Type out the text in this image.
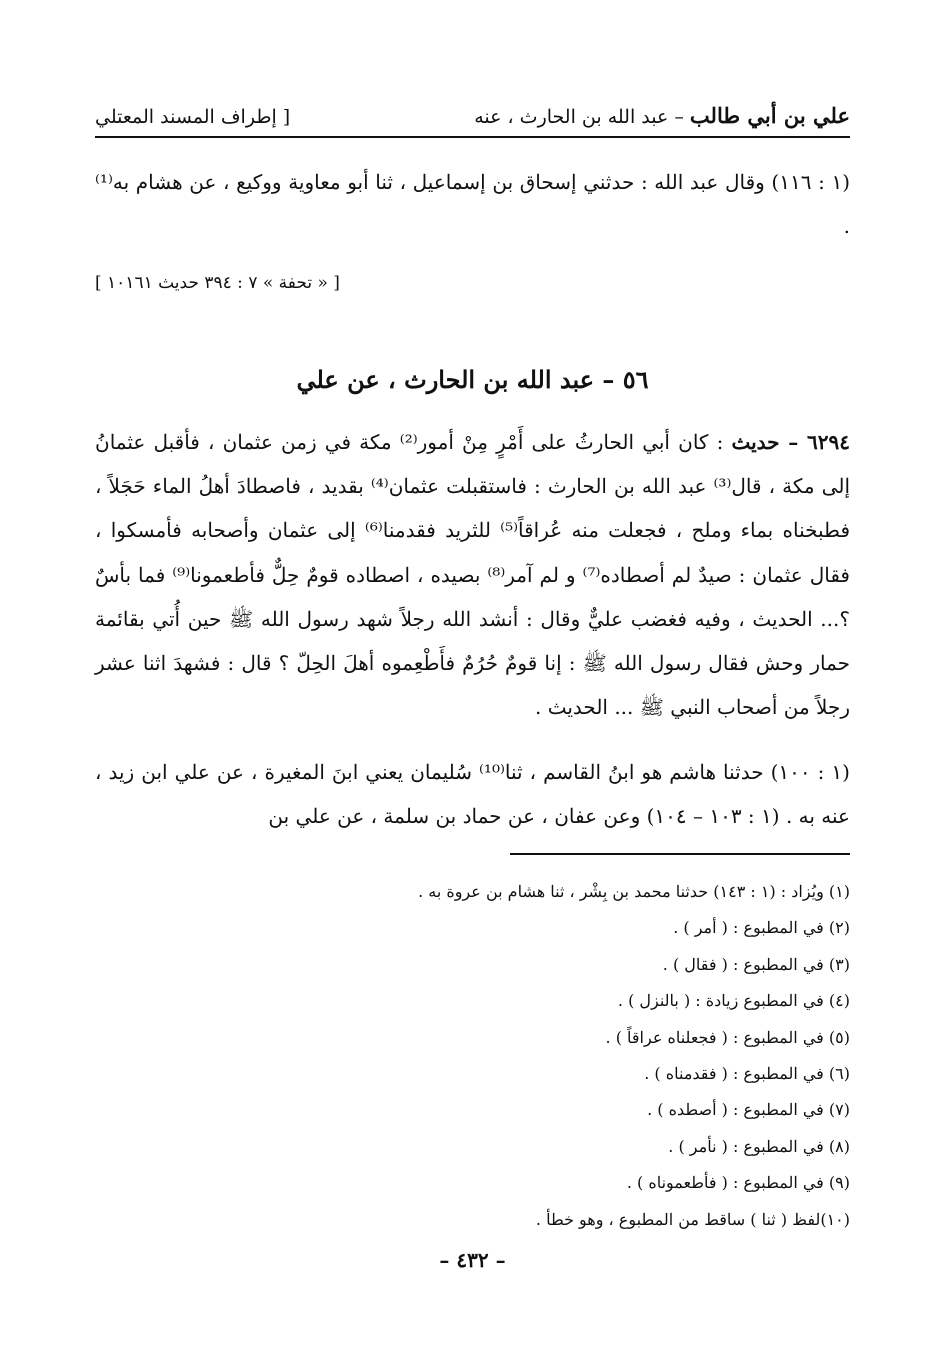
علي بن أبي طالب – عبد الله بن الحارث ، عنه
[ إطراف المسند المعتلي

(١ : ١١٦) وقال عبد الله : حدثني إسحاق بن إسماعيل ، ثنا أبو معاوية ووكيع ، عن هشام به⁽¹⁾ .

[ « تحفة » ٧ : ٣٩٤ حديث ١٠١٦١ ]
٥٦ – عبد الله بن الحارث ، عن علي

٦٢٩٤ – حديث : كان أبي الحارثُ على أَمْرٍ مِنْ أمور⁽²⁾ مكة في زمن عثمان ، فأقبل عثمانُ إلى مكة ، قال⁽³⁾ عبد الله بن الحارث : فاستقبلت عثمان⁽⁴⁾ بقديد ، فاصطادَ أهلُ الماء حَجَلاً ، فطبخناه بماء وملح ، فجعلت منه عُراقاً⁽⁵⁾ للثريد فقدمنا⁽⁶⁾ إلى عثمان وأصحابه فأمسكوا ، فقال عثمان : صيدٌ لم أصطاده⁽⁷⁾ و لم آمر⁽⁸⁾ بصيده ، اصطاده قومٌ حِلٌّ فأطعمونا⁽⁹⁾ فما بأسٌ ؟... الحديث ، وفيه فغضب عليٌّ وقال : أنشد الله رجلاً شهد رسول الله ﷺ حين أُتي بقائمة حمار وحش فقال رسول الله ﷺ : إنا قومٌ حُرُمٌ فأَطْعِموه أهلَ الحِلّ ؟ قال : فشهدَ اثنا عشر رجلاً من أصحاب النبي ﷺ ... الحديث .

(١ : ١٠٠) حدثنا هاشم هو ابنُ القاسم ، ثنا⁽¹⁰⁾ سُليمان يعني ابنَ المغيرة ، عن علي ابن زيد ، عنه به . (١ : ١٠٣ – ١٠٤) وعن عفان ، عن حماد بن سلمة ، عن علي بن

(١) ويُزاد : (١ : ١٤٣) حدثنا محمد بن بِشْر ، ثنا هشام بن عروة به .
(٢) في المطبوع : ( أمر ) .
(٣) في المطبوع : ( فقال ) .
(٤) في المطبوع زيادة : ( بالنزل ) .
(٥) في المطبوع : ( فجعلناه عراقاً ) .
(٦) في المطبوع : ( فقدمناه ) .
(٧) في المطبوع : ( أصطده ) .
(٨) في المطبوع : ( نأمر ) .
(٩) في المطبوع : ( فأطعموناه ) .
(١٠)لفظ ( ثنا ) ساقط من المطبوع ، وهو خطأ .
– ٤٣٢ –
